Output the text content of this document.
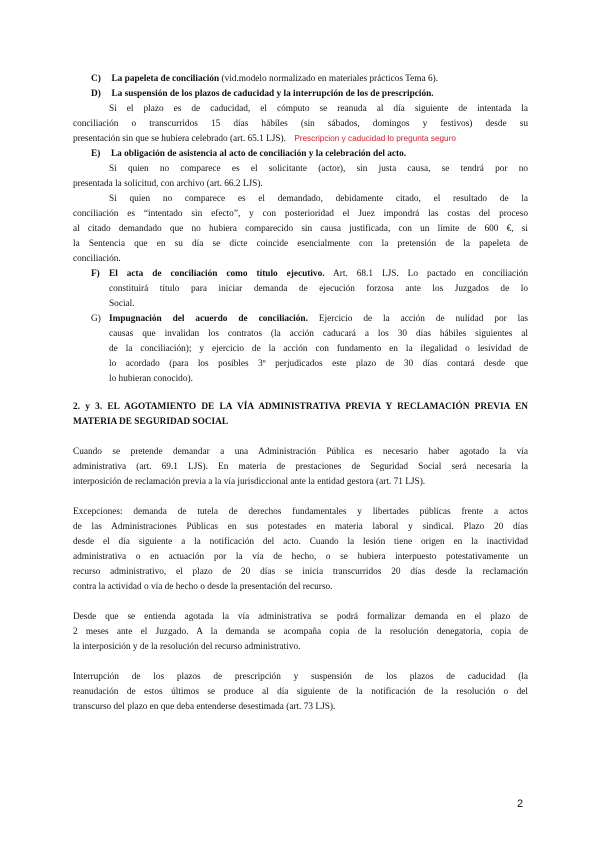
C) La papeleta de conciliación (vid.modelo normalizado en materiales prácticos Tema 6).
D) La suspensión de los plazos de caducidad y la interrupción de los de prescripción.
Si el plazo es de caducidad, el cómputo se reanuda al día siguiente de intentada la
conciliación o transcurridos 15 días hábiles (sin sábados, domingos y festivos) desde su
presentación sin que se hubiera celebrado (art. 65.1 LJS). Prescripcion y caducidad lo pregunta seguro
E) La obligación de asistencia al acto de conciliación y la celebración del acto.
Si quien no comparece es el solicitante (actor), sin justa causa, se tendrá por no
presentada la solicitud, con archivo (art. 66.2 LJS).
Si quien no comparece es el demandado, debidamente citado, el resultado de la
conciliación es “intentado sin efecto”, y con posterioridad el Juez impondrá las costas del proceso
al citado demandado que no hubiera comparecido sin causa justificada, con un límite de 600 €, si
la Sentencia que en su día se dicte coincide esencialmente con la pretensión de la papeleta de
conciliación.
F) El acta de conciliación como título ejecutivo. Art. 68.1 LJS. Lo pactado en conciliación
constituirá título para iniciar demanda de ejecución forzosa ante los Juzgados de lo
Social.
G) Impugnación del acuerdo de conciliación. Ejercicio de la acción de nulidad por las
causas que invalidan los contratos (la acción caducará a los 30 días hábiles siguientes al
de la conciliación); y ejercicio de la acción con fundamento en la ilegalidad o lesividad de
lo acordado (para los posibles 3º perjudicados este plazo de 30 días contará desde que
lo hubieran conocido).
2. y 3. EL AGOTAMIENTO DE LA VÍA ADMINISTRATIVA PREVIA Y RECLAMACIÓN PREVIA EN
MATERIA DE SEGURIDAD SOCIAL
Cuando se pretende demandar a una Administración Pública es necesario haber agotado la vía
administrativa (art. 69.1 LJS). En materia de prestaciones de Seguridad Social será necesaria la
interposición de reclamación previa a la vía jurisdiccional ante la entidad gestora (art. 71 LJS).
Excepciones: demanda de tutela de derechos fundamentales y libertades públicas frente a actos
de las Administraciones Públicas en sus potestades en materia laboral y sindical. Plazo 20 días
desde el día siguiente a la notificación del acto. Cuando la lesión tiene origen en la inactividad
administrativa o en actuación por la vía de hecho, o se hubiera interpuesto potestativamente un
recurso administrativo, el plazo de 20 días se inicia transcurridos 20 días desde la reclamación
contra la actividad o vía de hecho o desde la presentación del recurso.
Desde que se entienda agotada la vía administrativa se podrá formalizar demanda en el plazo de
2 meses ante el Juzgado. A la demanda se acompaña copia de la resolución denegatoria, copia de
la interposición y de la resolución del recurso administrativo.
Interrupción de los plazos de prescripción y suspensión de los plazos de caducidad (la
reanudación de estos últimos se produce al día siguiente de la notificación de la resolución o del
transcurso del plazo en que deba entenderse desestimada (art. 73 LJS).
2
